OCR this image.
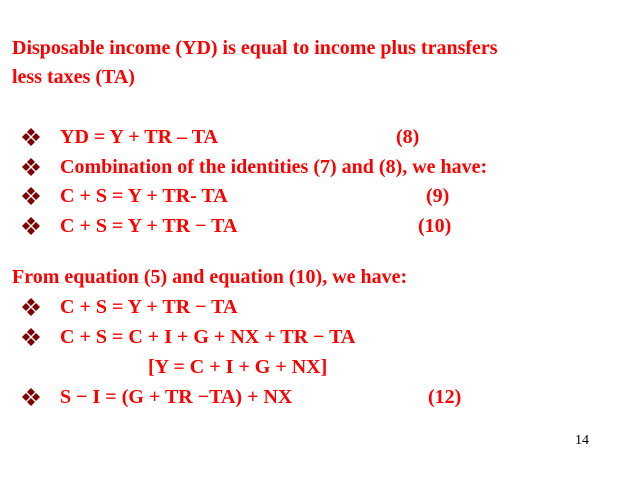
Disposable income (YD) is equal to income plus transfers
less taxes (TA)
YD = Y + TR – TA	(8)
Combination of the identities (7) and (8), we have:
C + S = Y + TR- TA	(9)
C + S = Y + TR − TA	(10)
From equation (5) and equation (10), we have:
C + S = Y + TR − TA
C + S = C + I + G + NX + TR − TA
[Y = C + I + G + NX]
S − I = (G + TR −TA) + NX	(12)
14
